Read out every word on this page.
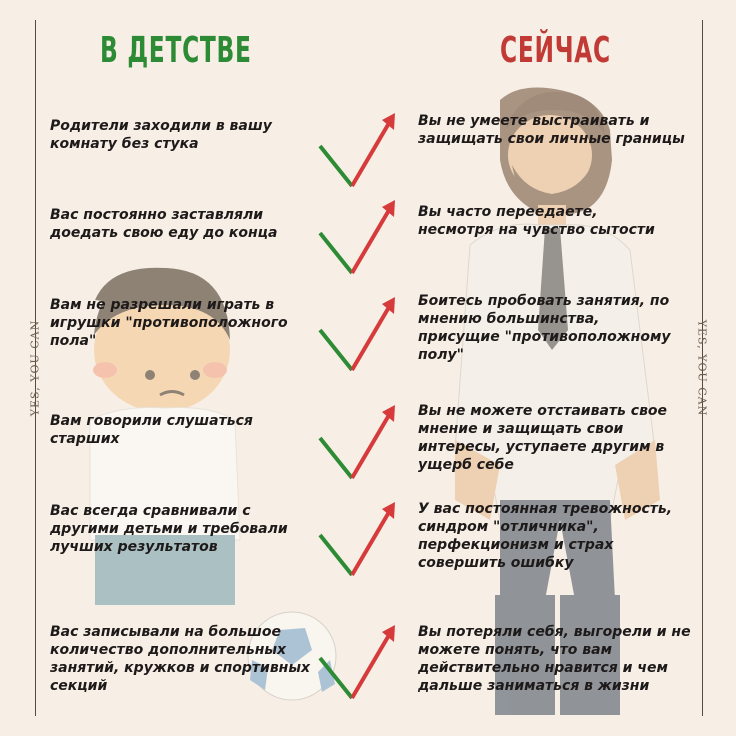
YES, YOU CAN	YES, YOU CAN
В ДЕТСТВЕ	СЕЙЧАС
Родители заходили в вашу комнату без стука
Вы не умеете выстраивать и защищать свои личные границы
Вас постоянно заставляли доедать свою еду до конца
Вы часто переедаете, несмотря на чувство сытости
Вам не разрешали играть в игрушки "противоположного пола"
Боитесь пробовать занятия, по мнению большинства, присущие "противоположному полу"
Вам говорили слушаться старших
Вы не можете отстаивать свое мнение и защищать свои интересы, уступаете другим в ущерб себе
Вас всегда сравнивали с другими детьми и требовали лучших результатов
У вас постоянная тревожность, синдром "отличника", перфекционизм и страх совершить ошибку
Вас записывали на большое количество дополнительных занятий, кружков и спортивных секций
Вы потеряли себя, выгорели и не можете понять, что вам действительно нравится и чем дальше заниматься в жизни
